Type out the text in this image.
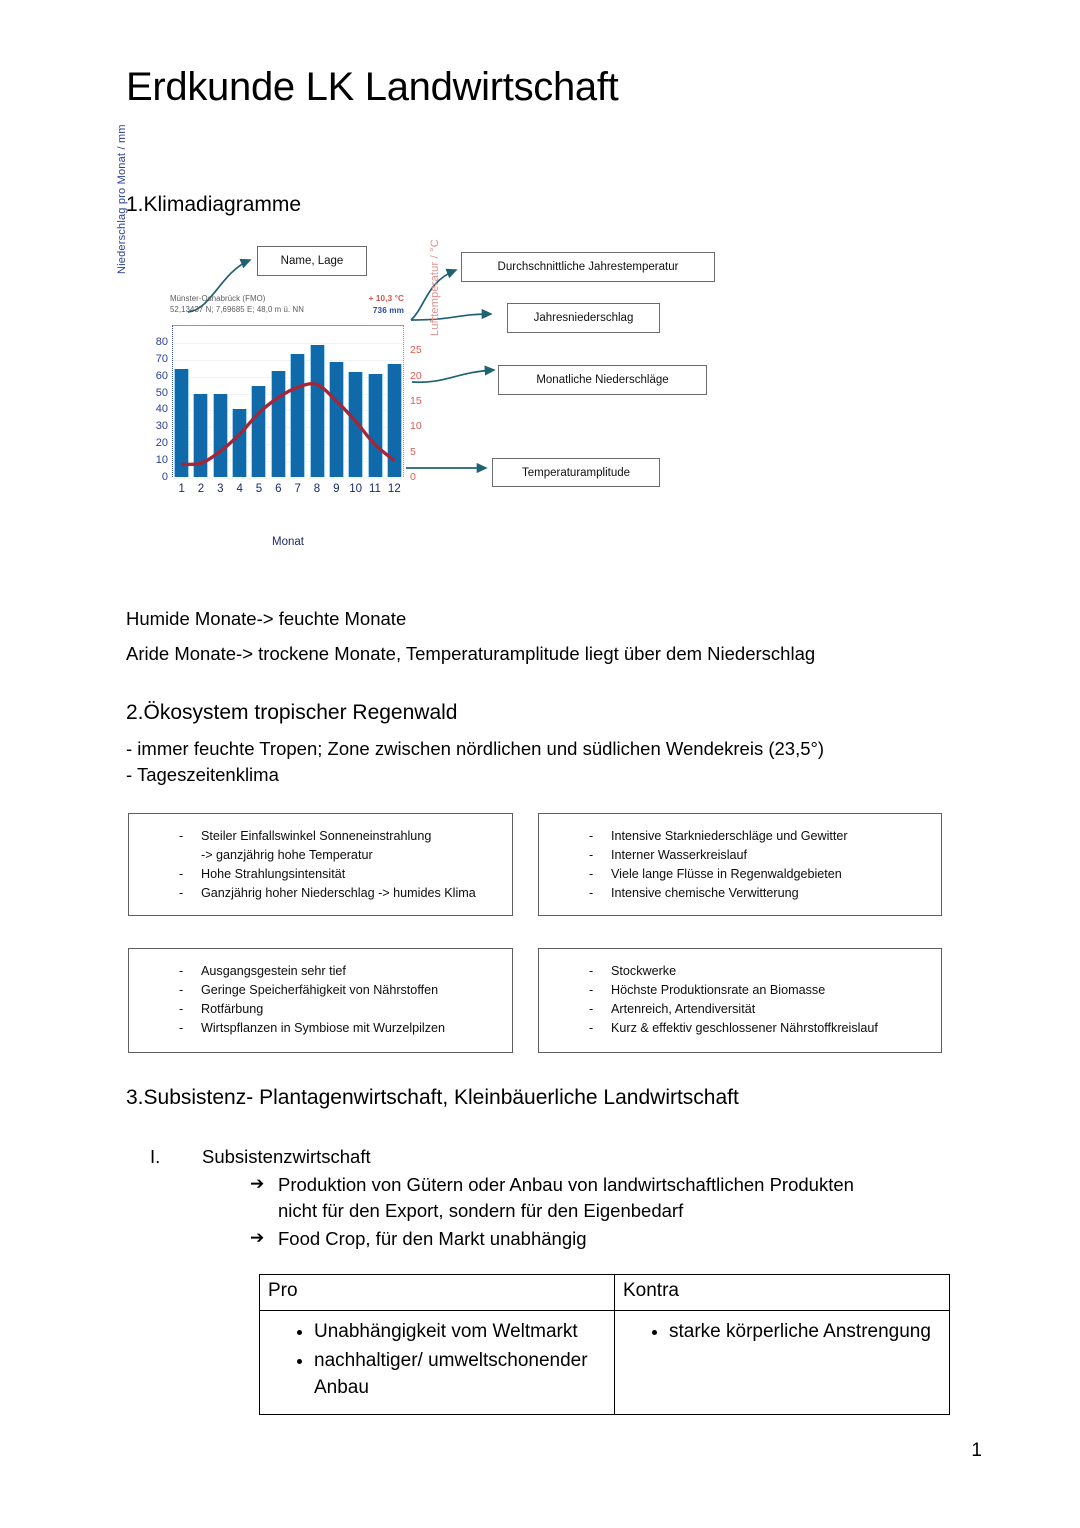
Erdkunde LK Landwirtschaft
1.Klimadiagramme
Name, Lage	Durchschnittliche Jahrestemperatur
Jahresniederschlag
Monatliche Niederschläge
Temperaturamplitude
Münster-Osnabrück (FMO)
52,13437 N; 7,69685 E; 48,0 m ü. NN
+ 10,3 °C
736 mm
Niederschlag pro Monat / mm
Lufttemperatur / °C
0
10
20
30
40
50
60
70
80
0
5
10
15
20
25
1	2	3	4	5	6	7	8	9 10 11 12
Monat
Humide Monate-> feuchte Monate
Aride Monate-> trockene Monate, Temperaturamplitude liegt über dem Niederschlag
2.Ökosystem tropischer Regenwald
- immer feuchte Tropen; Zone zwischen nördlichen und südlichen Wendekreis (23,5°)
- Tageszeitenklima
-	Steiler Einfallswinkel Sonneneinstrahlung
-> ganzjährig hohe Temperatur
-	Hohe Strahlungsintensität
-	Ganzjährig hoher Niederschlag -> humides Klima
-	Intensive Starkniederschläge und Gewitter
-	Interner Wasserkreislauf
-	Viele lange Flüsse in Regenwaldgebieten
-	Intensive chemische Verwitterung
-	Ausgangsgestein sehr tief
-	Geringe Speicherfähigkeit von Nährstoffen
-	Rotfärbung
-	Wirtspflanzen in Symbiose mit Wurzelpilzen
-	Stockwerke
-	Höchste Produktionsrate an Biomasse
-	Artenreich, Artendiversität
-	Kurz & effektiv geschlossener Nährstoffkreislauf
3.Subsistenz- Plantagenwirtschaft, Kleinbäuerliche Landwirtschaft
I.	Subsistenzwirtschaft
➔ Produktion von Gütern oder Anbau von landwirtschaftlichen Produkten
nicht für den Export, sondern für den Eigenbedarf
➔ Food Crop, für den Markt unabhängig
Pro	Kontra

• Unabhängigkeit vom Weltmarkt
• nachhaltiger/ umweltschonender Anbau

• starke körperliche Anstrengung
1
